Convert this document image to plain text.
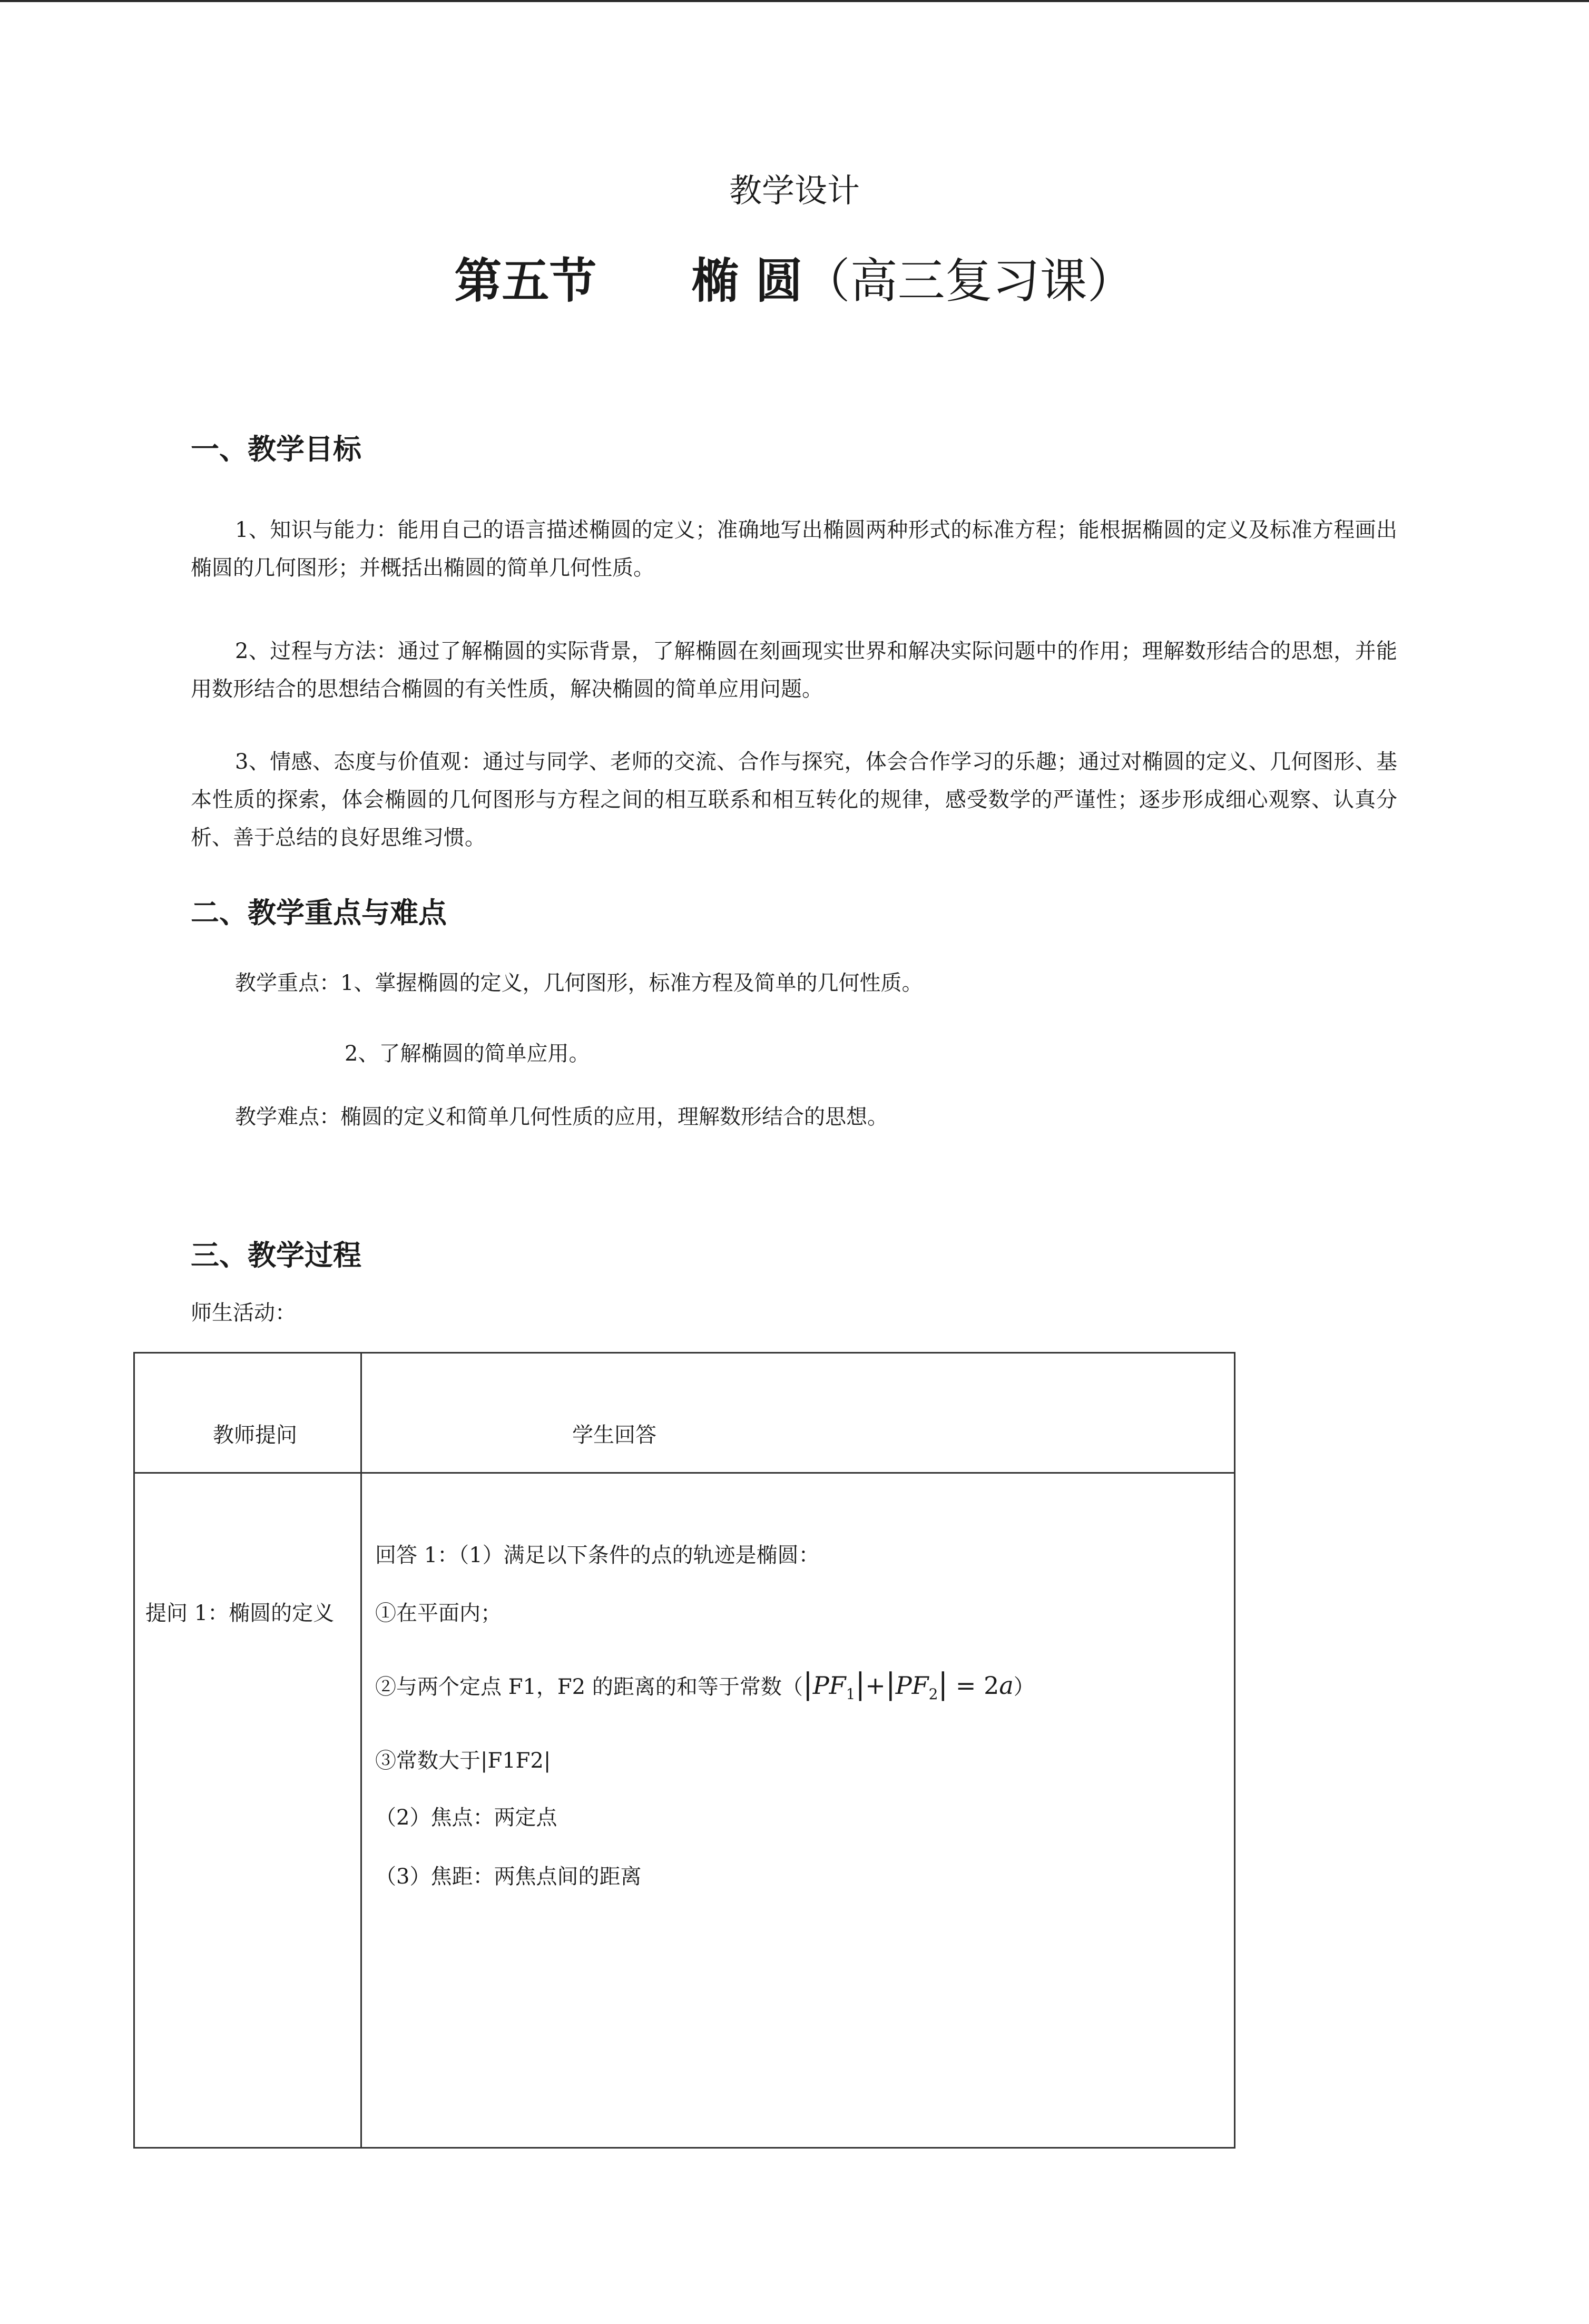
教学设计
第五节　　椭 圆（高三复习课）
一、教学目标
1、知识与能力：能用自己的语言描述椭圆的定义；准确地写出椭圆两种形式的标准方程；能根据椭圆的定义及标准方程画出椭圆的几何图形；并概括出椭圆的简单几何性质。
2、过程与方法：通过了解椭圆的实际背景，了解椭圆在刻画现实世界和解决实际问题中的作用；理解数形结合的思想，并能用数形结合的思想结合椭圆的有关性质，解决椭圆的简单应用问题。
3、情感、态度与价值观：通过与同学、老师的交流、合作与探究，体会合作学习的乐趣；通过对椭圆的定义、几何图形、基本性质的探索，体会椭圆的几何图形与方程之间的相互联系和相互转化的规律，感受数学的严谨性；逐步形成细心观察、认真分析、善于总结的良好思维习惯。
二、教学重点与难点
教学重点：1、掌握椭圆的定义，几何图形，标准方程及简单的几何性质。
2、了解椭圆的简单应用。
教学难点：椭圆的定义和简单几何性质的应用，理解数形结合的思想。
三、教学过程
师生活动：
教师提问	学生回答
提问 1：椭圆的定义
回答 1：（1）满足以下条件的点的轨迹是椭圆：
①在平面内；
②与两个定点 F1，F2 的距离的和等于常数$(|PF_1|+|PF_2| = 2a)$
③常数大于|F1F2|
（2）焦点：两定点
（3）焦距：两焦点间的距离
